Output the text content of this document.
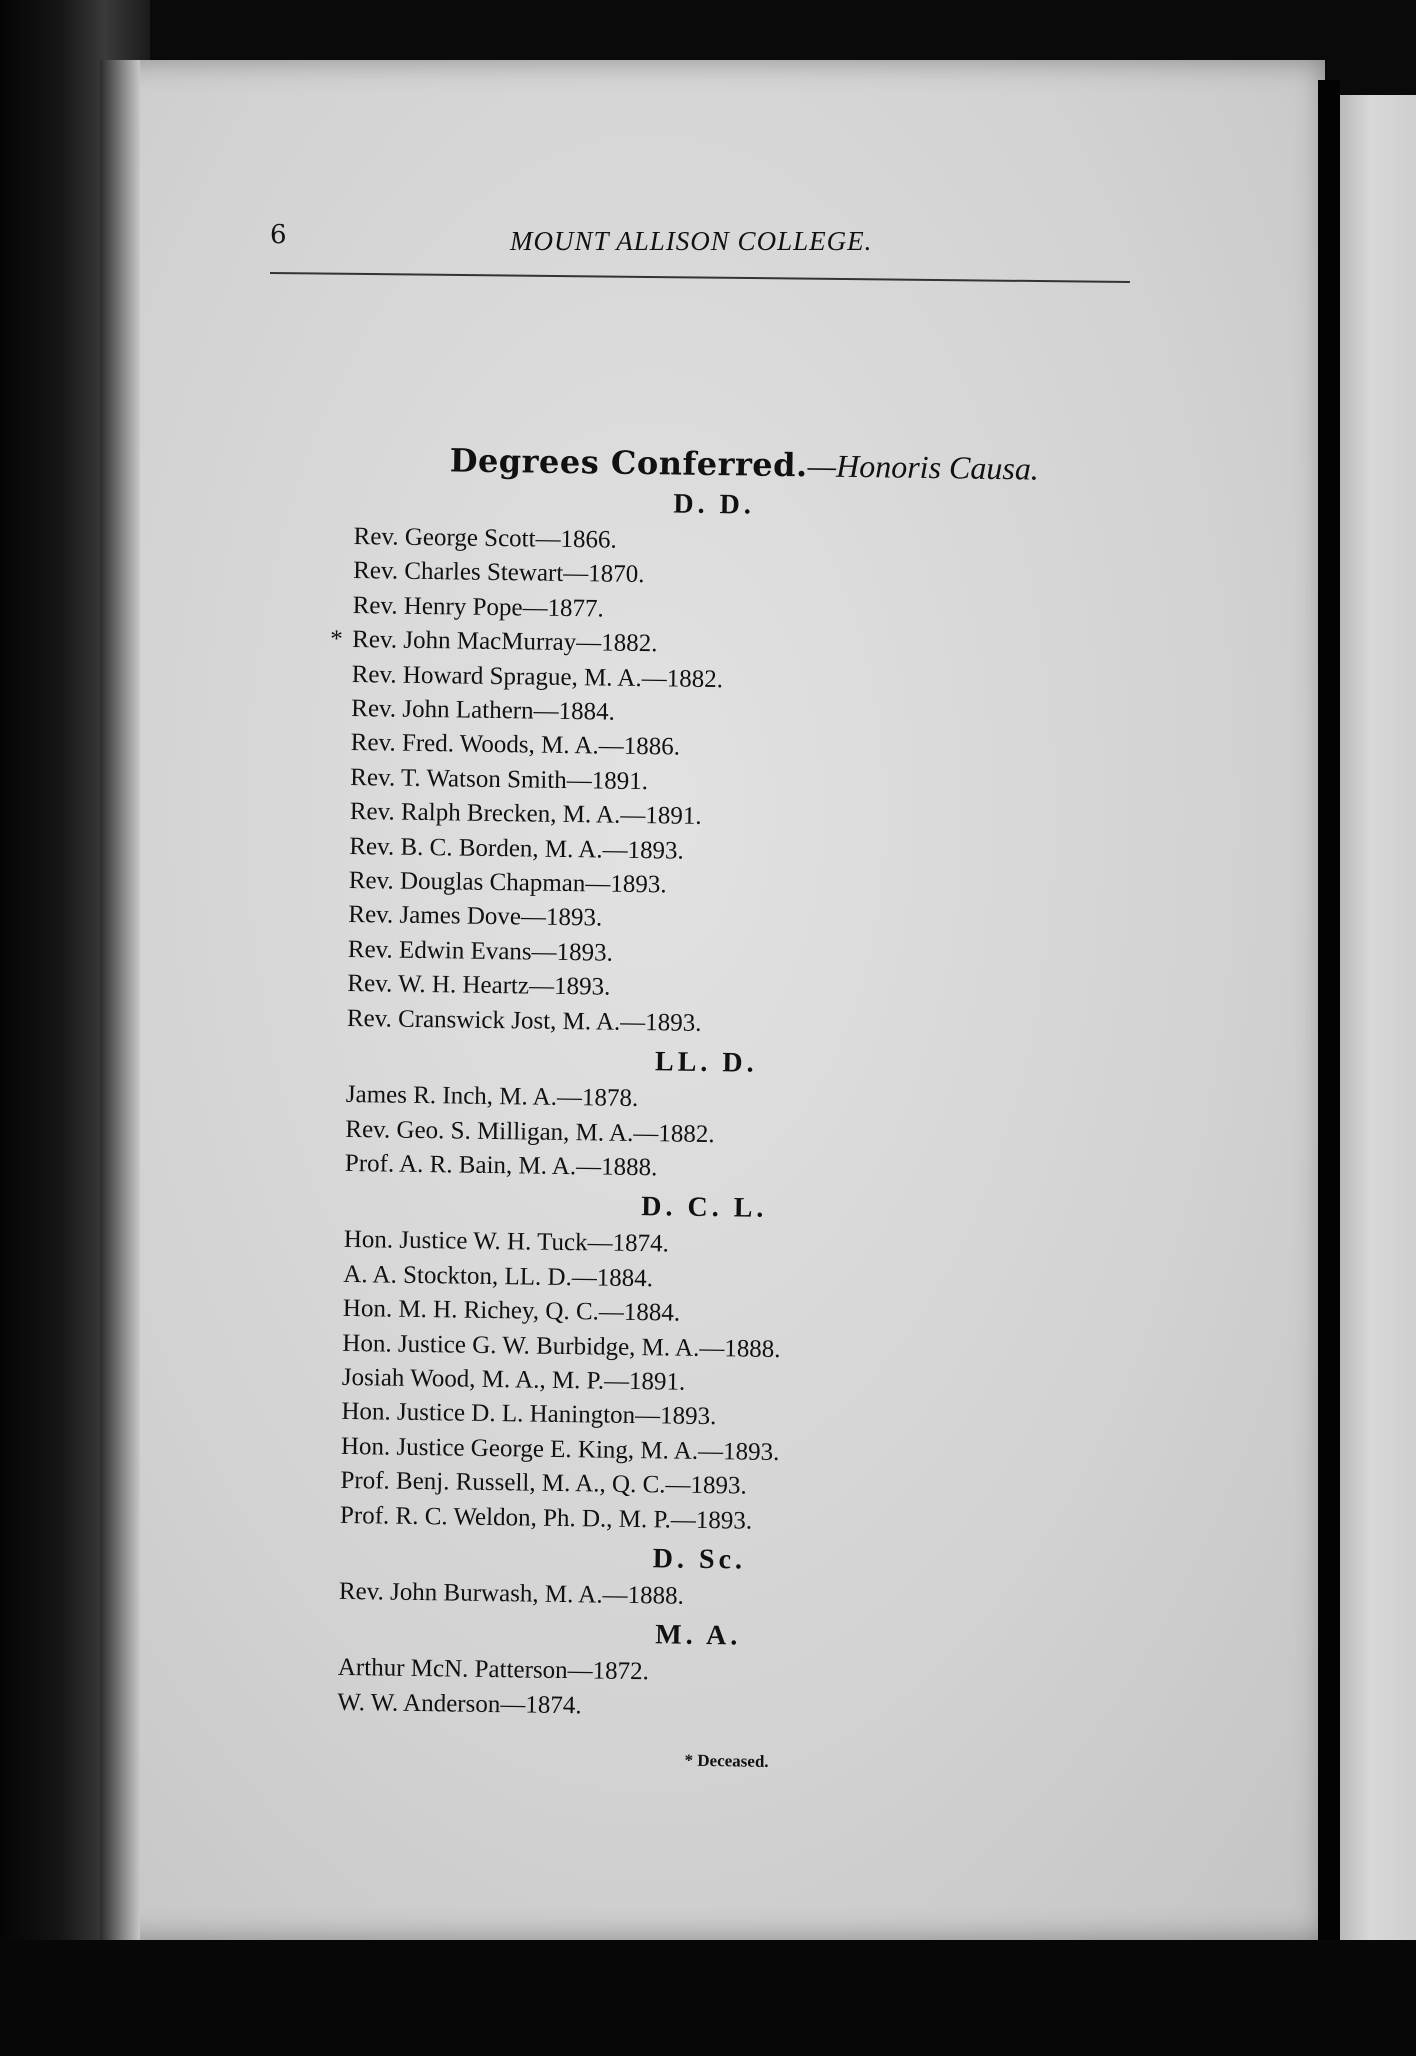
6	MOUNT ALLISON COLLEGE.
Degrees Conferred.—Honoris Causa.
D. D.
Rev. George Scott—1866.
Rev. Charles Stewart—1870.
Rev. Henry Pope—1877.
* Rev. John MacMurray—1882.
Rev. Howard Sprague, M. A.—1882.
Rev. John Lathern—1884.
Rev. Fred. Woods, M. A.—1886.
Rev. T. Watson Smith—1891.
Rev. Ralph Brecken, M. A.—1891.
Rev. B. C. Borden, M. A.—1893.
Rev. Douglas Chapman—1893.
Rev. James Dove—1893.
Rev. Edwin Evans—1893.
Rev. W. H. Heartz—1893.
Rev. Cranswick Jost, M. A.—1893.
LL. D.
James R. Inch, M. A.—1878.
Rev. Geo. S. Milligan, M. A.—1882.
Prof. A. R. Bain, M. A.—1888.
D. C. L.
Hon. Justice W. H. Tuck—1874.
A. A. Stockton, LL. D.—1884.
Hon. M. H. Richey, Q. C.—1884.
Hon. Justice G. W. Burbidge, M. A.—1888.
Josiah Wood, M. A., M. P.—1891.
Hon. Justice D. L. Hanington—1893.
Hon. Justice George E. King, M. A.—1893.
Prof. Benj. Russell, M. A., Q. C.—1893.
Prof. R. C. Weldon, Ph. D., M. P.—1893.
D. Sc.
Rev. John Burwash, M. A.—1888.
M. A.
Arthur McN. Patterson—1872.
W. W. Anderson—1874.
* Deceased.
